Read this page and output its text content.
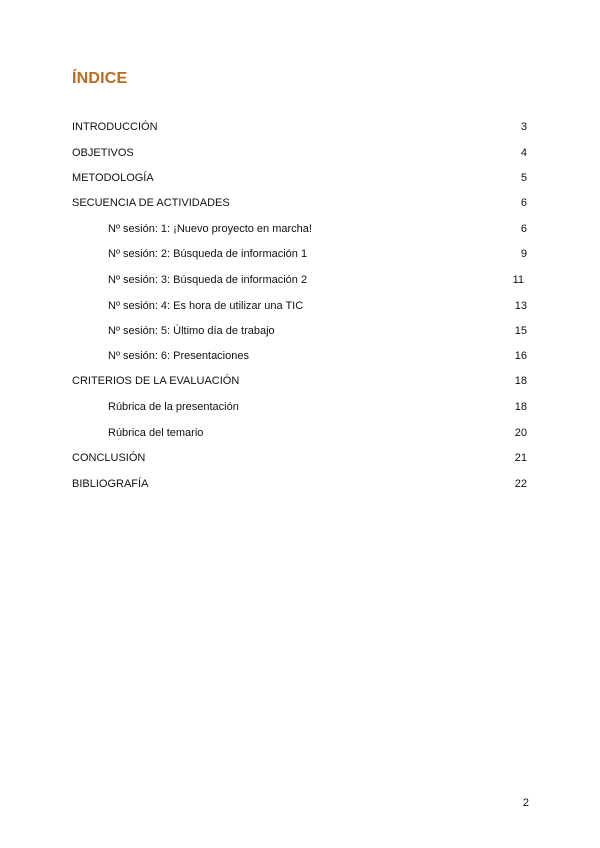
ÍNDICE
INTRODUCCIÓN	3
OBJETIVOS	4
METODOLOGÍA	5
SECUENCIA DE ACTIVIDADES	6
Nº sesión: 1: ¡Nuevo proyecto en marcha!	6
Nº sesión: 2: Búsqueda de información 1	9
Nº sesión: 3: Búsqueda de información 2	11
Nº sesión: 4: Es hora de utilizar una TIC	13
Nº sesión: 5: Último día de trabajo	15
Nº sesión: 6: Presentaciones	16
CRITERIOS DE LA EVALUACIÓN	18
Rúbrica de la presentación	18
Rúbrica del temario	20
CONCLUSIÓN	21
BIBLIOGRAFÍA	22
2
